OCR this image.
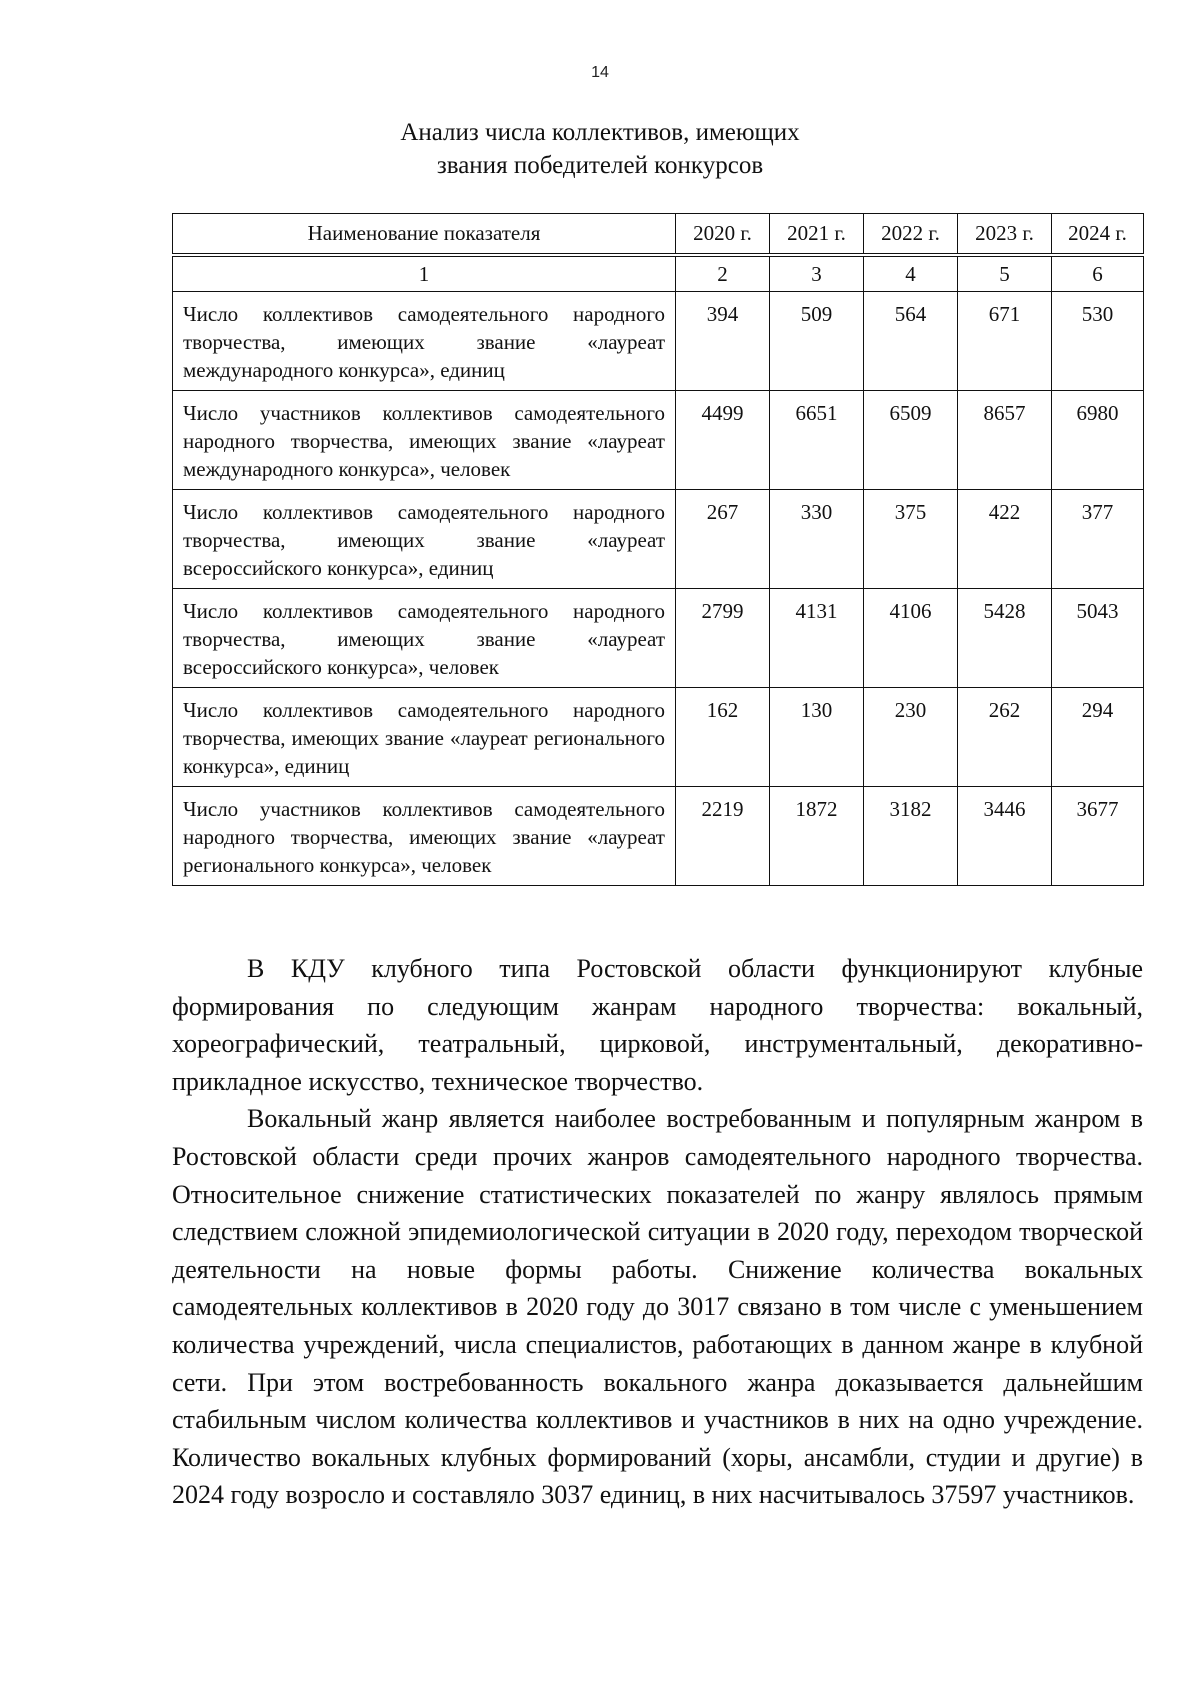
14
Анализ числа коллективов, имеющих
звания победителей конкурсов
Наименование показателя	2020 г.	2021 г.	2022 г.	2023 г.	2024 г.
1	2	3	4	5	6
Число коллективов самодеятельного народного творчества, имеющих звание «лауреат международного конкурса», единиц	394	509	564	671	530
Число участников коллективов самодеятельного народного творчества, имеющих звание «лауреат международного конкурса», человек	4499	6651	6509	8657	6980
Число коллективов самодеятельного народного творчества, имеющих звание «лауреат всероссийского конкурса», единиц	267	330	375	422	377
Число коллективов самодеятельного народного творчества, имеющих звание «лауреат всероссийского конкурса», человек	2799	4131	4106	5428	5043
Число коллективов самодеятельного народного творчества, имеющих звание «лауреат регионального конкурса», единиц	162	130	230	262	294
Число участников коллективов самодеятельного народного творчества, имеющих звание «лауреат регионального конкурса», человек	2219	1872	3182	3446	3677

В КДУ клубного типа Ростовской области функционируют клубные формирования по следующим жанрам народного творчества: вокальный, хореографический, театральный, цирковой, инструментальный, декоративно-прикладное искусство, техническое творчество.

Вокальный жанр является наиболее востребованным и популярным жанром в Ростовской области среди прочих жанров самодеятельного народного творчества. Относительное снижение статистических показателей по жанру являлось прямым следствием сложной эпидемиологической ситуации в 2020 году, переходом творческой деятельности на новые формы работы. Снижение количества вокальных самодеятельных коллективов в 2020 году до 3017 связано в том числе с уменьшением количества учреждений, числа специалистов, работающих в данном жанре в клубной сети. При этом востребованность вокального жанра доказывается дальнейшим стабильным числом количества коллективов и участников в них на одно учреждение. Количество вокальных клубных формирований (хоры, ансамбли, студии и другие) в 2024 году возросло и составляло 3037 единиц, в них насчитывалось 37597 участников.
